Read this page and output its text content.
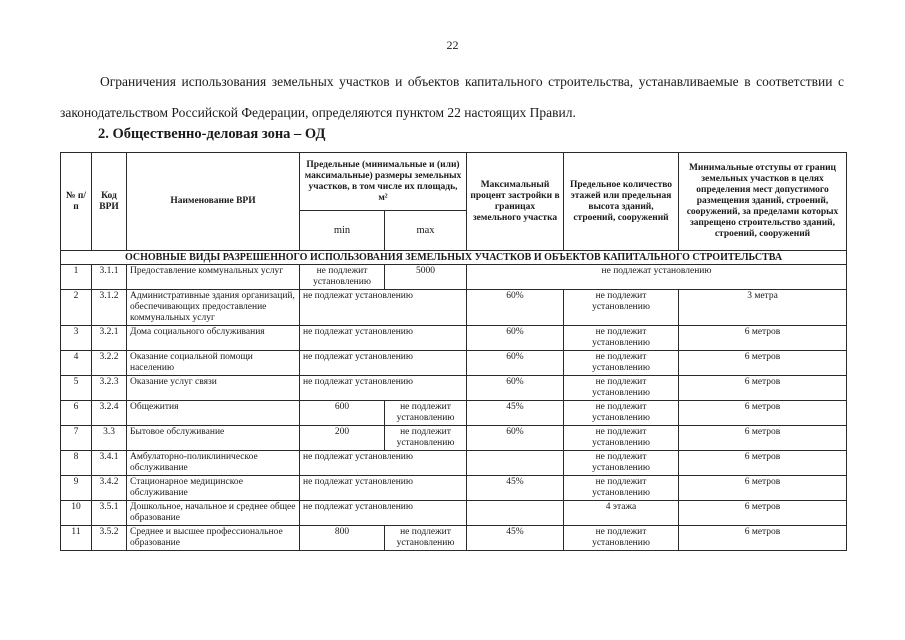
22

Ограничения использования земельных участков и объектов капитального строительства, устанавливаемые в соответствии с законодательством Российской Федерации, определяются пунктом 22 настоящих Правил.

2. Общественно-деловая зона – ОД
№ п/п	Код ВРИ	Наименование ВРИ	Предельные (минимальные и (или) максимальные) размеры земельных участков, в том числе их площадь, м²		Максимальный процент застройки в границах земельного участка	Предельное количество этажей или предельная высота зданий, строений, сооружений	Минимальные отступы от границ земельных участков в целях определения мест допустимого размещения зданий, строений, сооружений, за пределами которых запрещено строительство зданий, строений, сооружений
			min	max			
ОСНОВНЫЕ ВИДЫ РАЗРЕШЕННОГО ИСПОЛЬЗОВАНИЯ ЗЕМЕЛЬНЫХ УЧАСТКОВ И ОБЪЕКТОВ КАПИТАЛЬНОГО СТРОИТЕЛЬСТВА							
1	3.1.1	Предоставление коммунальных услуг	не подлежит установлению	5000	не подлежат установлению		
2	3.1.2	Административные здания организаций, обеспечивающих предоставление коммунальных услуг	не подлежат установлению		60%	не подлежит установлению	3 метра
3	3.2.1	Дома социального обслуживания	не подлежат установлению		60%	не подлежит установлению	6 метров
4	3.2.2	Оказание социальной помощи населению	не подлежат установлению		60%	не подлежит установлению	6 метров
5	3.2.3	Оказание услуг связи	не подлежат установлению		60%	не подлежит установлению	6 метров
6	3.2.4	Общежития	600	не подлежит установлению	45%	не подлежит установлению	6 метров
7	3.3	Бытовое обслуживание	200	не подлежит установлению	60%	не подлежит установлению	6 метров
8	3.4.1	Амбулаторно-поликлиническое обслуживание	не подлежат установлению			не подлежит установлению	6 метров
9	3.4.2	Стационарное медицинское обслуживание	не подлежат установлению		45%	не подлежит установлению	6 метров
10	3.5.1	Дошкольное, начальное и среднее общее образование	не подлежат установлению			4 этажа	6 метров
11	3.5.2	Среднее и высшее профессиональное образование	800	не подлежит установлению	45%	не подлежит установлению	6 метров
